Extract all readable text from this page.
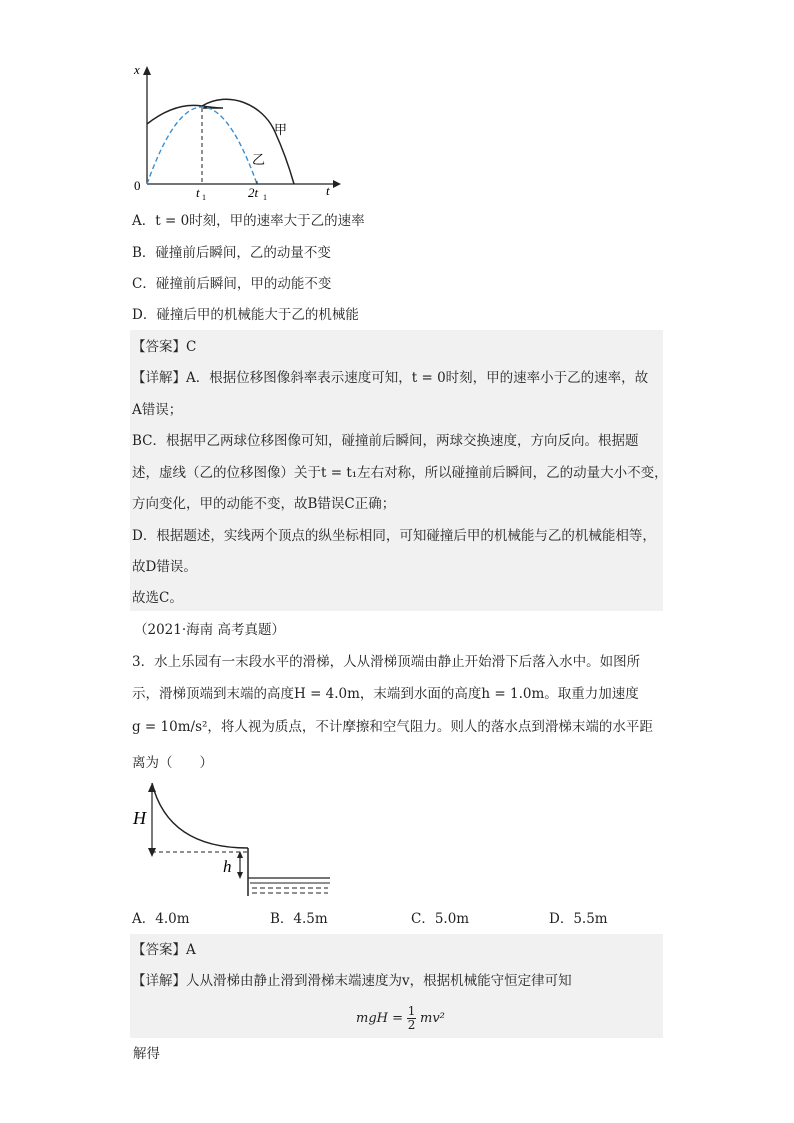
x
0	t
t 1	2t 1
甲
乙
A．t = 0时刻，甲的速率大于乙的速率
B．碰撞前后瞬间，乙的动量不变
C．碰撞前后瞬间，甲的动能不变
D．碰撞后甲的机械能大于乙的机械能
【答案】C
【详解】A．根据位移图像斜率表示速度可知，t = 0时刻，甲的速率小于乙的速率，故
A错误；
BC．根据甲乙两球位移图像可知，碰撞前后瞬间，两球交换速度，方向反向。根据题
述，虚线（乙的位移图像）关于t = t₁左右对称，所以碰撞前后瞬间，乙的动量大小不变，
方向变化，甲的动能不变，故B错误C正确；
D．根据题述，实线两个顶点的纵坐标相同，可知碰撞后甲的机械能与乙的机械能相等，
故D错误。
故选C。
（2021·海南 高考真题）
3．水上乐园有一末段水平的滑梯，人从滑梯顶端由静止开始滑下后落入水中。如图所
示，滑梯顶端到末端的高度H = 4.0m，末端到水面的高度h = 1.0m。取重力加速度
g = 10m/s²，将人视为质点，不计摩擦和空气阻力。则人的落水点到滑梯末端的水平距
离为（　　）
H
h
A．4.0m	B．4.5m	C．5.0m	D．5.5m
【答案】A
【详解】人从滑梯由静止滑到滑梯末端速度为v，根据机械能守恒定律可知
mgH = 1
2 mv²
解得
